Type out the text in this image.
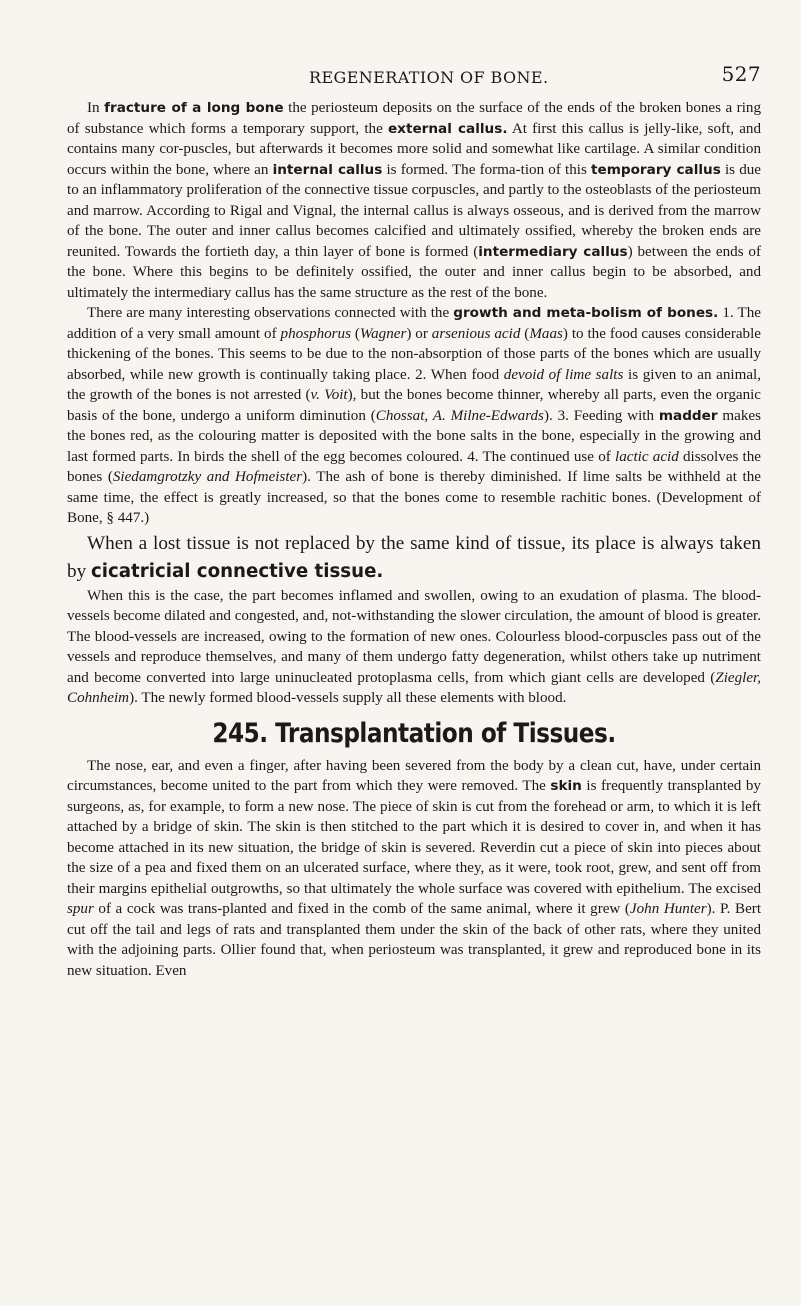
REGENERATION OF BONE.	527

In fracture of a long bone the periosteum deposits on the surface of the ends of the broken bones a ring of substance which forms a temporary support, the external callus. At first this callus is jelly-like, soft, and contains many cor-puscles, but afterwards it becomes more solid and somewhat like cartilage. A similar condition occurs within the bone, where an internal callus is formed. The forma-tion of this temporary callus is due to an inflammatory proliferation of the connective tissue corpuscles, and partly to the osteoblasts of the periosteum and marrow. According to Rigal and Vignal, the internal callus is always osseous, and is derived from the marrow of the bone. The outer and inner callus becomes calcified and ultimately ossified, whereby the broken ends are reunited. Towards the fortieth day, a thin layer of bone is formed (intermediary callus) between the ends of the bone. Where this begins to be definitely ossified, the outer and inner callus begin to be absorbed, and ultimately the intermediary callus has the same structure as the rest of the bone.

There are many interesting observations connected with the growth and meta-bolism of bones. 1. The addition of a very small amount of phosphorus (Wagner) or arsenious acid (Maas) to the food causes considerable thickening of the bones. This seems to be due to the non-absorption of those parts of the bones which are usually absorbed, while new growth is continually taking place. 2. When food devoid of lime salts is given to an animal, the growth of the bones is not arrested (v. Voit), but the bones become thinner, whereby all parts, even the organic basis of the bone, undergo a uniform diminution (Chossat, A. Milne-Edwards). 3. Feeding with madder makes the bones red, as the colouring matter is deposited with the bone salts in the bone, especially in the growing and last formed parts. In birds the shell of the egg becomes coloured. 4. The continued use of lactic acid dissolves the bones (Siedamgrotzky and Hofmeister). The ash of bone is thereby diminished. If lime salts be withheld at the same time, the effect is greatly increased, so that the bones come to resemble rachitic bones. (Development of Bone, § 447.)

When a lost tissue is not replaced by the same kind of tissue, its place is always taken by cicatricial connective tissue.

When this is the case, the part becomes inflamed and swollen, owing to an exudation of plasma. The blood-vessels become dilated and congested, and, not-withstanding the slower circulation, the amount of blood is greater. The blood-vessels are increased, owing to the formation of new ones. Colourless blood-corpuscles pass out of the vessels and reproduce themselves, and many of them undergo fatty degeneration, whilst others take up nutriment and become converted into large uninucleated protoplasma cells, from which giant cells are developed (Ziegler, Cohnheim). The newly formed blood-vessels supply all these elements with blood.

245. Transplantation of Tissues.

The nose, ear, and even a finger, after having been severed from the body by a clean cut, have, under certain circumstances, become united to the part from which they were removed. The skin is frequently transplanted by surgeons, as, for example, to form a new nose. The piece of skin is cut from the forehead or arm, to which it is left attached by a bridge of skin. The skin is then stitched to the part which it is desired to cover in, and when it has become attached in its new situation, the bridge of skin is severed. Reverdin cut a piece of skin into pieces about the size of a pea and fixed them on an ulcerated surface, where they, as it were, took root, grew, and sent off from their margins epithelial outgrowths, so that ultimately the whole surface was covered with epithelium. The excised spur of a cock was trans-planted and fixed in the comb of the same animal, where it grew (John Hunter). P. Bert cut off the tail and legs of rats and transplanted them under the skin of the back of other rats, where they united with the adjoining parts. Ollier found that, when periosteum was transplanted, it grew and reproduced bone in its new situation. Even
